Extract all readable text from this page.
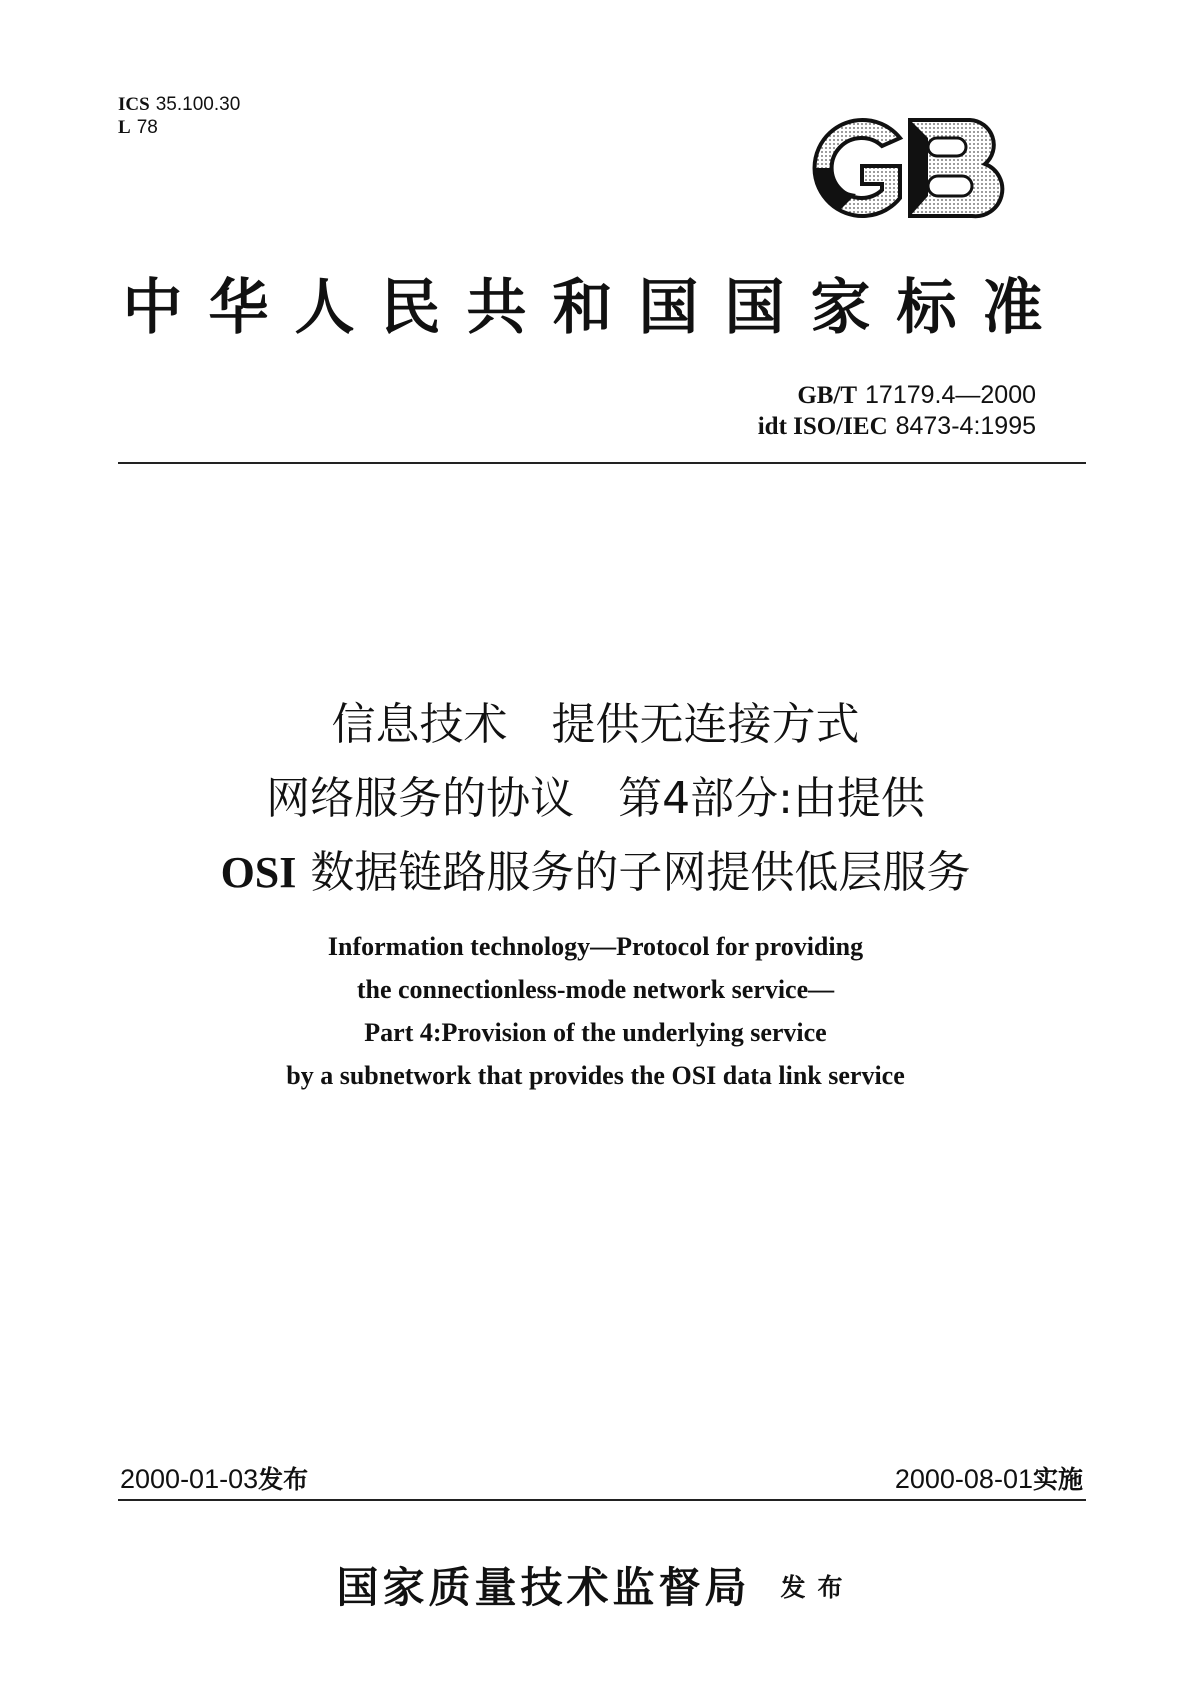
ICS 35.100.30
L 78
中华人民共和国国家标准
GB/T 17179.4—2000
idt ISO/IEC 8473-4:1995
信息技术　提供无连接方式
网络服务的协议　第4部分:由提供
OSI 数据链路服务的子网提供低层服务
Information technology—Protocol for providing
the connectionless-mode network service—
Part 4:Provision of the underlying service
by a subnetwork that provides the OSI data link service
2000-01-03发布	2000-08-01实施
国家质量技术监督局 发布
